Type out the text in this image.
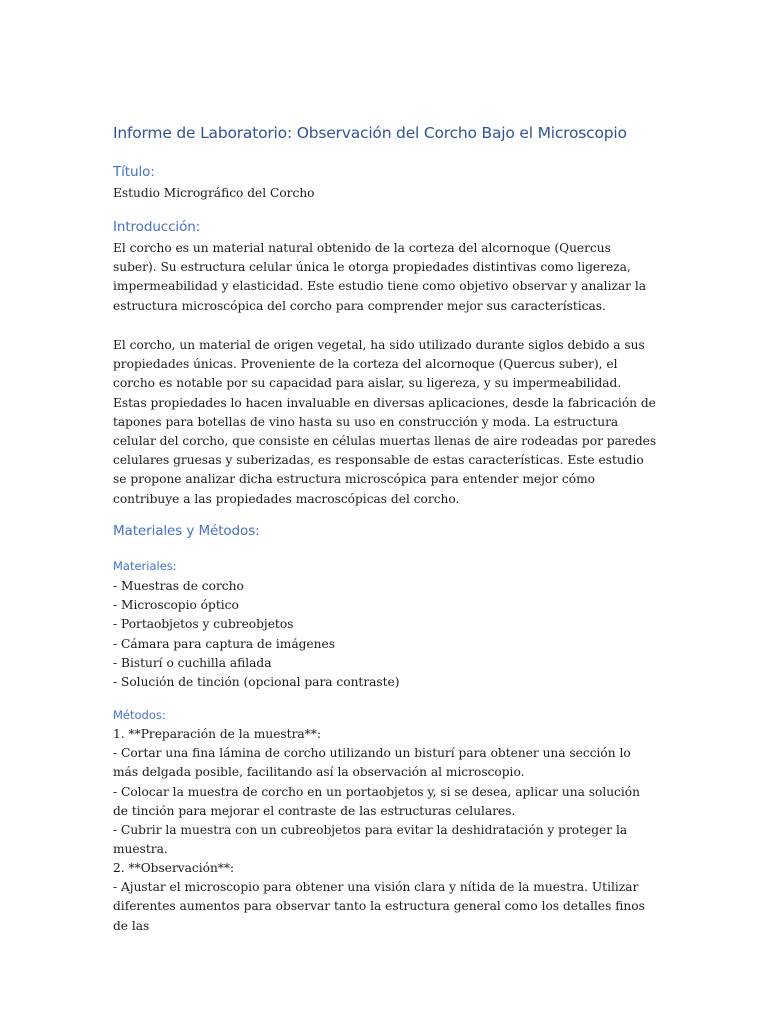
Informe de Laboratorio: Observación del Corcho Bajo el Microscopio
Título:

Estudio Micrográfico del Corcho

Introducción:

El corcho es un material natural obtenido de la corteza del alcornoque (Quercus suber). Su estructura celular única le otorga propiedades distintivas como ligereza, impermeabilidad y elasticidad. Este estudio tiene como objetivo observar y analizar la estructura microscópica del corcho para comprender mejor sus características.

El corcho, un material de origen vegetal, ha sido utilizado durante siglos debido a sus propiedades únicas. Proveniente de la corteza del alcornoque (Quercus suber), el corcho es notable por su capacidad para aislar, su ligereza, y su impermeabilidad. Estas propiedades lo hacen invaluable en diversas aplicaciones, desde la fabricación de tapones para botellas de vino hasta su uso en construcción y moda. La estructura celular del corcho, que consiste en células muertas llenas de aire rodeadas por paredes celulares gruesas y suberizadas, es responsable de estas características. Este estudio se propone analizar dicha estructura microscópica para entender mejor cómo contribuye a las propiedades macroscópicas del corcho.

Materiales y Métodos:
Materiales:
- Muestras de corcho
- Microscopio óptico
- Portaobjetos y cubreobjetos
- Cámara para captura de imágenes
- Bisturí o cuchilla afilada
- Solución de tinción (opcional para contraste)
Métodos:

1. **Preparación de la muestra**:

- Cortar una fina lámina de corcho utilizando un bisturí para obtener una sección lo más delgada posible, facilitando así la observación al microscopio.

- Colocar la muestra de corcho en un portaobjetos y, si se desea, aplicar una solución de tinción para mejorar el contraste de las estructuras celulares.

- Cubrir la muestra con un cubreobjetos para evitar la deshidratación y proteger la muestra.

2. **Observación**:

- Ajustar el microscopio para obtener una visión clara y nítida de la muestra. Utilizar diferentes aumentos para observar tanto la estructura general como los detalles finos de las
